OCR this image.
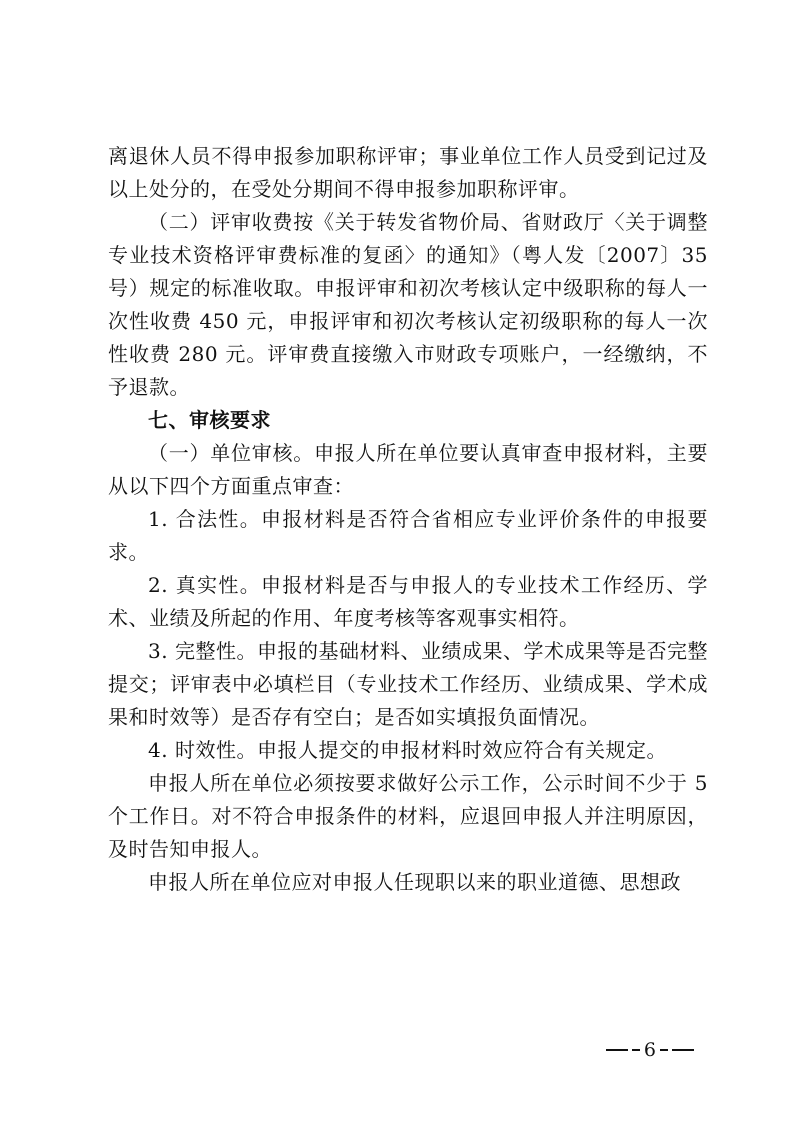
离退休人员不得申报参加职称评审；事业单位工作人员受到记过及以上处分的，在受处分期间不得申报参加职称评审。

（二）评审收费按《关于转发省物价局、省财政厅〈关于调整专业技术资格评审费标准的复函〉的通知》（粤人发〔2007〕35号）规定的标准收取。申报评审和初次考核认定中级职称的每人一次性收费 450 元，申报评审和初次考核认定初级职称的每人一次性收费 280 元。评审费直接缴入市财政专项账户，一经缴纳，不予退款。

七、审核要求

（一）单位审核。申报人所在单位要认真审查申报材料，主要从以下四个方面重点审查：

1. 合法性。申报材料是否符合省相应专业评价条件的申报要求。

2. 真实性。申报材料是否与申报人的专业技术工作经历、学术、业绩及所起的作用、年度考核等客观事实相符。

3. 完整性。申报的基础材料、业绩成果、学术成果等是否完整提交；评审表中必填栏目（专业技术工作经历、业绩成果、学术成果和时效等）是否存有空白；是否如实填报负面情况。

4. 时效性。申报人提交的申报材料时效应符合有关规定。

申报人所在单位必须按要求做好公示工作，公示时间不少于 5 个工作日。对不符合申报条件的材料，应退回申报人并注明原因，及时告知申报人。

申报人所在单位应对申报人任现职以来的职业道德、思想政

6
